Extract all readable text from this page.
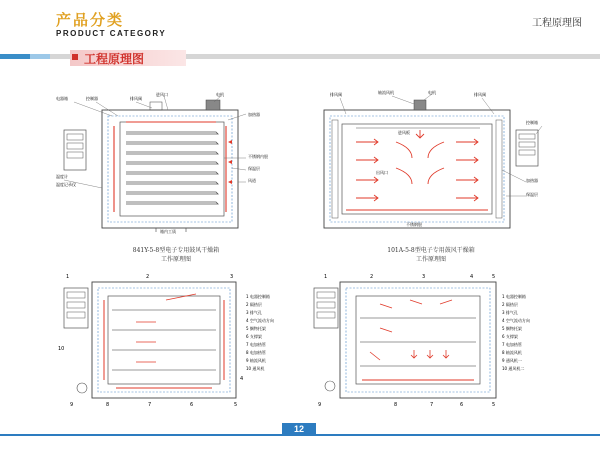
产品分类
PRODUCT CATEGORY
工程原理图
工程原理图
电器箱	控制器	排风阀
进风口	电机
加热器
不锈钢内胆
保温层
风道
温度计
温度记录仪
箱内工质
841Y-5-8型电子专用鼓风干燥箱
工作原理图
排风阀	轴流风机	电机	排风阀
控制箱
加热器
保温层
进风板
出风口
不锈钢胆
101A-5-8型电子专用鼓风干燥箱
工作原理图
1	2	3
10
9	8	7	6	5
4
1 电器控制箱
2 隔热层
3 排气孔
4 空气流动方向
5 搁物托架
6 支撑架
7 电加热管
8 电加热管
9 轴流风机
10 通风机
1	2	3	4	5
9	8	7	6	5
1 电器控制箱
2 隔热层
3 排气孔
4 空气流动方向
5 搁物托架
6 支撑架
7 电加热管
8 轴流风机
9 通风机一
10 通风机二
12
